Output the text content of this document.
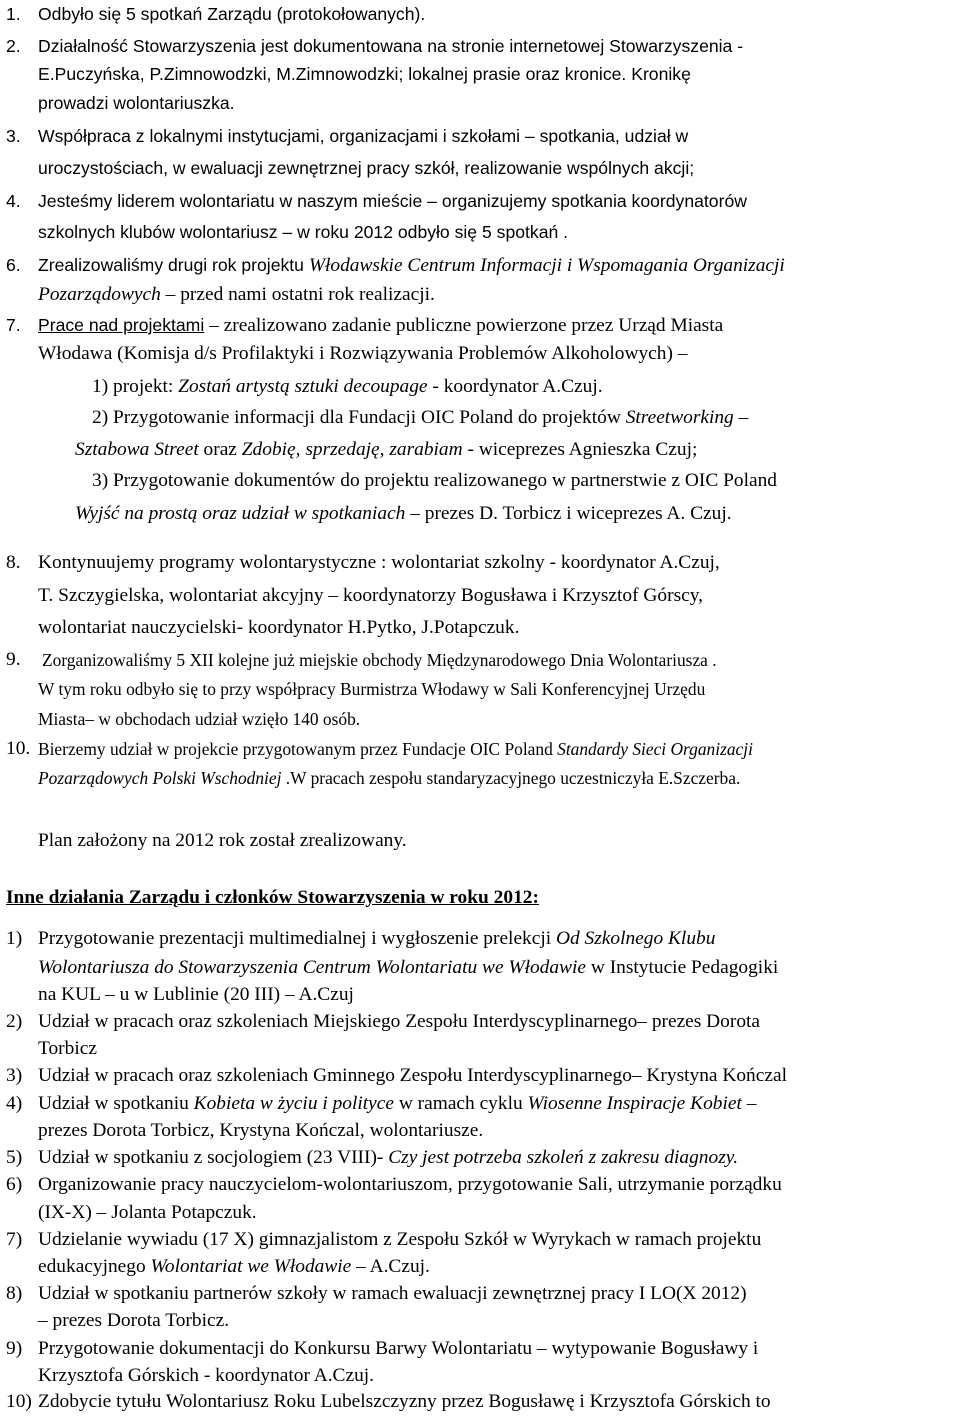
1. Odbyło się 5 spotkań Zarządu (protokołowanych).
2. Działalność Stowarzyszenia jest dokumentowana na stronie internetowej Stowarzyszenia -
E.Puczyńska, P.Zimnowodzki, M.Zimnowodzki; lokalnej prasie oraz kronice. Kronikę
prowadzi wolontariuszka.
3. Współpraca z lokalnymi instytucjami, organizacjami i szkołami – spotkania, udział w
uroczystościach, w ewaluacji zewnętrznej pracy szkół, realizowanie wspólnych akcji;
4. Jesteśmy liderem wolontariatu w naszym mieście – organizujemy spotkania koordynatorów
szkolnych klubów wolontariusz – w roku 2012 odbyło się 5 spotkań .
6. Zrealizowaliśmy drugi rok projektu Włodawskie Centrum Informacji i Wspomagania Organizacji
Pozarządowych – przed nami ostatni rok realizacji.
7. Prace nad projektami – zrealizowano zadanie publiczne powierzone przez Urząd Miasta
Włodawa (Komisja d/s Profilaktyki i Rozwiązywania Problemów Alkoholowych) –
1) projekt: Zostań artystą sztuki decoupage - koordynator A.Czuj.
2) Przygotowanie informacji dla Fundacji OIC Poland do projektów Streetworking –
Sztabowa Street oraz Zdobię, sprzedaję, zarabiam - wiceprezes Agnieszka Czuj;
3) Przygotowanie dokumentów do projektu realizowanego w partnerstwie z OIC Poland
Wyjść na prostą oraz udział w spotkaniach – prezes D. Torbicz i wiceprezes A. Czuj.
8. Kontynuujemy programy wolontarystyczne : wolontariat szkolny - koordynator A.Czuj,
T. Szczygielska, wolontariat akcyjny – koordynatorzy Bogusława i Krzysztof Górscy,
wolontariat nauczycielski- koordynator H.Pytko, J.Potapczuk.
9. Zorganizowaliśmy 5 XII kolejne już miejskie obchody Międzynarodowego Dnia Wolontariusza .
W tym roku odbyło się to przy współpracy Burmistrza Włodawy w Sali Konferencyjnej Urzędu
Miasta– w obchodach udział wzięło 140 osób.
10. Bierzemy udział w projekcie przygotowanym przez Fundacje OIC Poland Standardy Sieci Organizacji
Pozarządowych Polski Wschodniej .W pracach zespołu standaryzacyjnego uczestniczyła E.Szczerba.
Plan założony na 2012 rok został zrealizowany.
Inne działania Zarządu i członków Stowarzyszenia w roku 2012:
1) Przygotowanie prezentacji multimedialnej i wygłoszenie prelekcji Od Szkolnego Klubu
Wolontariusza do Stowarzyszenia Centrum Wolontariatu we Włodawie w Instytucie Pedagogiki
na KUL – u w Lublinie (20 III) – A.Czuj
2) Udział w pracach oraz szkoleniach Miejskiego Zespołu Interdyscyplinarnego– prezes Dorota
Torbicz
3) Udział w pracach oraz szkoleniach Gminnego Zespołu Interdyscyplinarnego– Krystyna Kończal
4) Udział w spotkaniu Kobieta w życiu i polityce w ramach cyklu Wiosenne Inspiracje Kobiet –
prezes Dorota Torbicz, Krystyna Kończal, wolontariusze.
5) Udział w spotkaniu z socjologiem (23 VIII)- Czy jest potrzeba szkoleń z zakresu diagnozy.
6) Organizowanie pracy nauczycielom-wolontariuszom, przygotowanie Sali, utrzymanie porządku
(IX-X) – Jolanta Potapczuk.
7) Udzielanie wywiadu (17 X) gimnazjalistom z Zespołu Szkół w Wyrykach w ramach projektu
edukacyjnego Wolontariat we Włodawie – A.Czuj.
8) Udział w spotkaniu partnerów szkoły w ramach ewaluacji zewnętrznej pracy I LO(X 2012)
– prezes Dorota Torbicz.
9) Przygotowanie dokumentacji do Konkursu Barwy Wolontariatu – wytypowanie Bogusławy i
Krzysztofa Górskich - koordynator A.Czuj.
10) Zdobycie tytułu Wolontariusz Roku Lubelszczyzny przez Bogusławę i Krzysztofa Górskich to
